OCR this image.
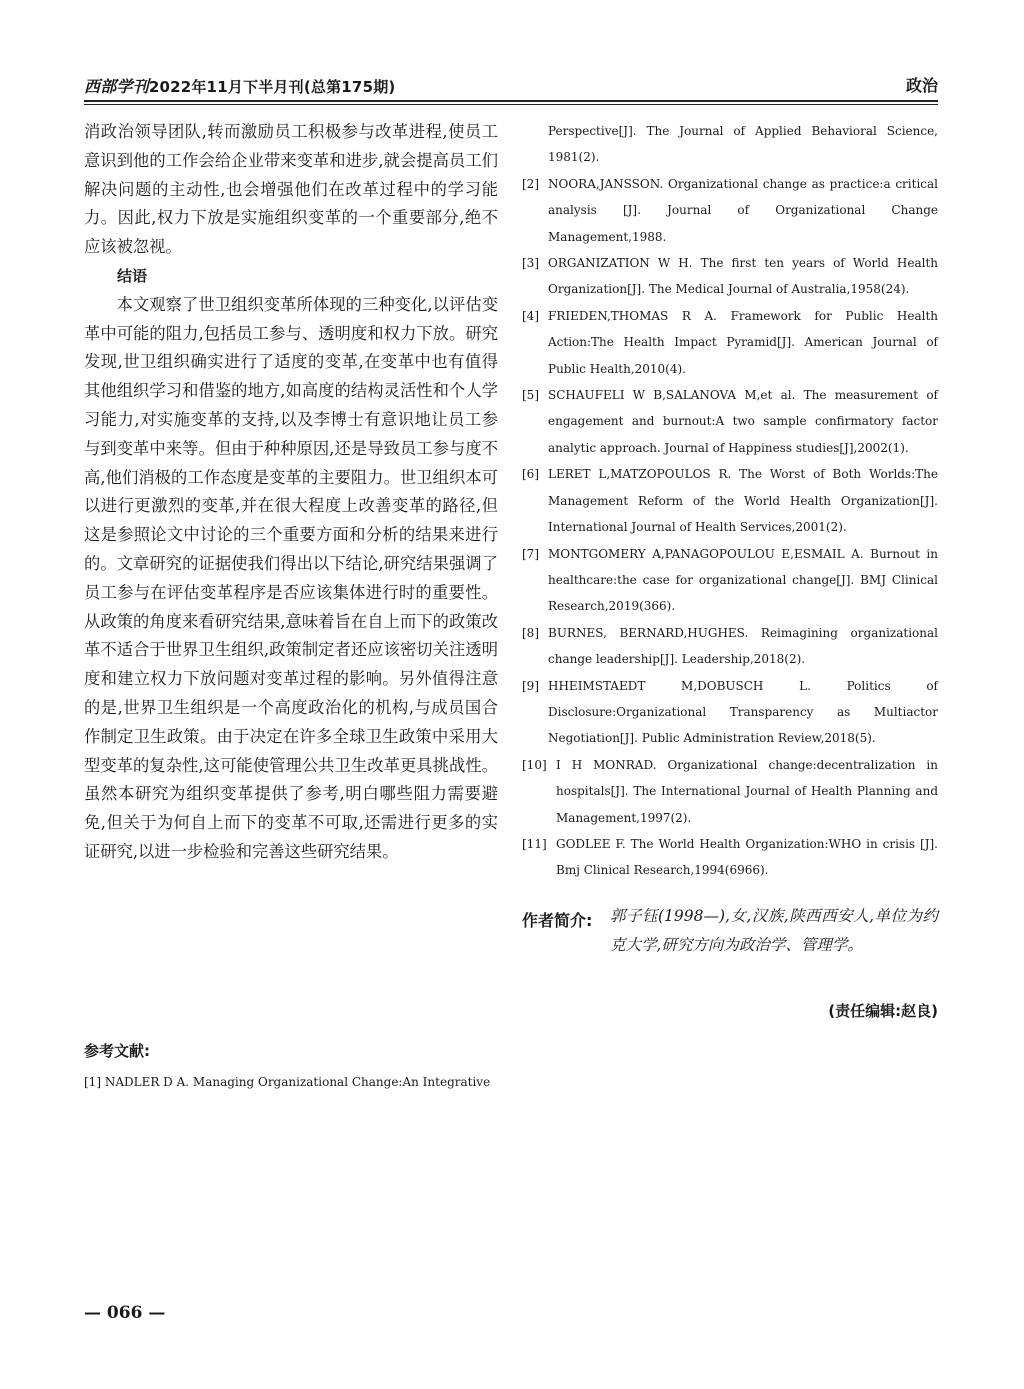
西部学刊2022年11月下半月刊(总第175期)	政治

消政治领导团队,转而激励员工积极参与改革进程,使员工意识到他的工作会给企业带来变革和进步,就会提高员工们解决问题的主动性,也会增强他们在改革过程中的学习能力。因此,权力下放是实施组织变革的一个重要部分,绝不应该被忽视。

结语

本文观察了世卫组织变革所体现的三种变化,以评估变革中可能的阻力,包括员工参与、透明度和权力下放。研究发现,世卫组织确实进行了适度的变革,在变革中也有值得其他组织学习和借鉴的地方,如高度的结构灵活性和个人学习能力,对实施变革的支持,以及李博士有意识地让员工参与到变革中来等。但由于种种原因,还是导致员工参与度不高,他们消极的工作态度是变革的主要阻力。世卫组织本可以进行更激烈的变革,并在很大程度上改善变革的路径,但这是参照论文中讨论的三个重要方面和分析的结果来进行的。文章研究的证据使我们得出以下结论,研究结果强调了员工参与在评估变革程序是否应该集体进行时的重要性。从政策的角度来看研究结果,意味着旨在自上而下的政策改革不适合于世界卫生组织,政策制定者还应该密切关注透明度和建立权力下放问题对变革过程的影响。另外值得注意的是,世界卫生组织是一个高度政治化的机构,与成员国合作制定卫生政策。由于决定在许多全球卫生政策中采用大型变革的复杂性,这可能使管理公共卫生改革更具挑战性。虽然本研究为组织变革提供了参考,明白哪些阻力需要避免,但关于为何自上而下的变革不可取,还需进行更多的实证研究,以进一步检验和完善这些研究结果。

参考文献:
[1] NADLER D A. Managing Organizational Change:An Integrative

Perspective[J]. The Journal of Applied Behavioral Science, 1981(2).

[2] NOORA,JANSSON. Organizational change as practice:a critical analysis [J]. Journal of Organizational Change Management,1988.

[3] ORGANIZATION W H. The first ten years of World Health Organization[J]. The Medical Journal of Australia,1958(24).

[4] FRIEDEN,THOMAS R A. Framework for Public Health Action:The Health Impact Pyramid[J]. American Journal of Public Health,2010(4).

[5] SCHAUFELI W B,SALANOVA M,et al. The measurement of engagement and burnout:A two sample confirmatory factor analytic approach. Journal of Happiness studies[J],2002(1).

[6] LERET L,MATZOPOULOS R. The Worst of Both Worlds:The Management Reform of the World Health Organization[J]. International Journal of Health Services,2001(2).

[7] MONTGOMERY A,PANAGOPOULOU E,ESMAIL A. Burnout in healthcare:the case for organizational change[J]. BMJ Clinical Research,2019(366).

[8] BURNES, BERNARD,HUGHES. Reimagining organizational change leadership[J]. Leadership,2018(2).

[9] HHEIMSTAEDT M,DOBUSCH L. Politics of Disclosure:Organizational Transparency as Multiactor Negotiation[J]. Public Administration Review,2018(5).

[10] I H MONRAD. Organizational change:decentralization in hospitals[J]. The International Journal of Health Planning and Management,1997(2).

[11] GODLEE F. The World Health Organization:WHO in crisis [J]. Bmj Clinical Research,1994(6966).

作者简介: 郭子钰(1998—),女,汉族,陕西西安人,单位为约克大学,研究方向为政治学、管理学。
(责任编辑:赵良)
— 066 —
